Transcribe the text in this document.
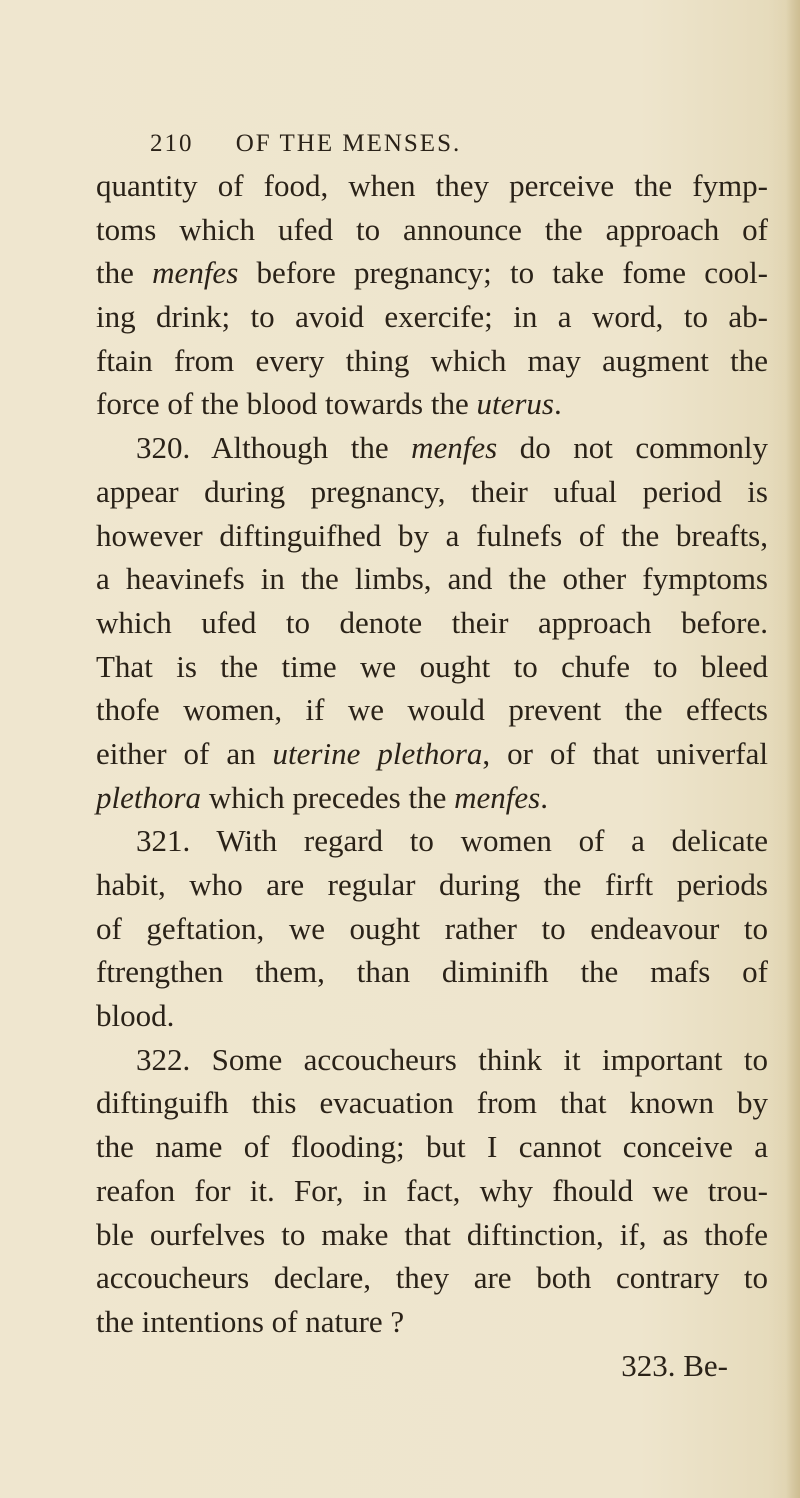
210 OF THE MENSES.
quantity of food, when they perceive the fymp-
toms which ufed to announce the approach of
the menfes before pregnancy; to take fome cool-
ing drink; to avoid exercife; in a word, to ab-
ftain from every thing which may augment the
force of the blood towards the uterus.
320. Although the menfes do not commonly
appear during pregnancy, their ufual period is
however diftinguifhed by a fulnefs of the breafts,
a heavinefs in the limbs, and the other fymptoms
which ufed to denote their approach before.
That is the time we ought to chufe to bleed
thofe women, if we would prevent the effects
either of an uterine plethora, or of that univerfal
plethora which precedes the menfes.
321. With regard to women of a delicate
habit, who are regular during the firft periods
of geftation, we ought rather to endeavour to
ftrengthen them, than diminifh the mafs of
blood.
322. Some accoucheurs think it important to
diftinguifh this evacuation from that known by
the name of flooding; but I cannot conceive a
reafon for it. For, in fact, why fhould we trou-
ble ourfelves to make that diftinction, if, as thofe
accoucheurs declare, they are both contrary to
the intentions of nature ?
323. Be-
